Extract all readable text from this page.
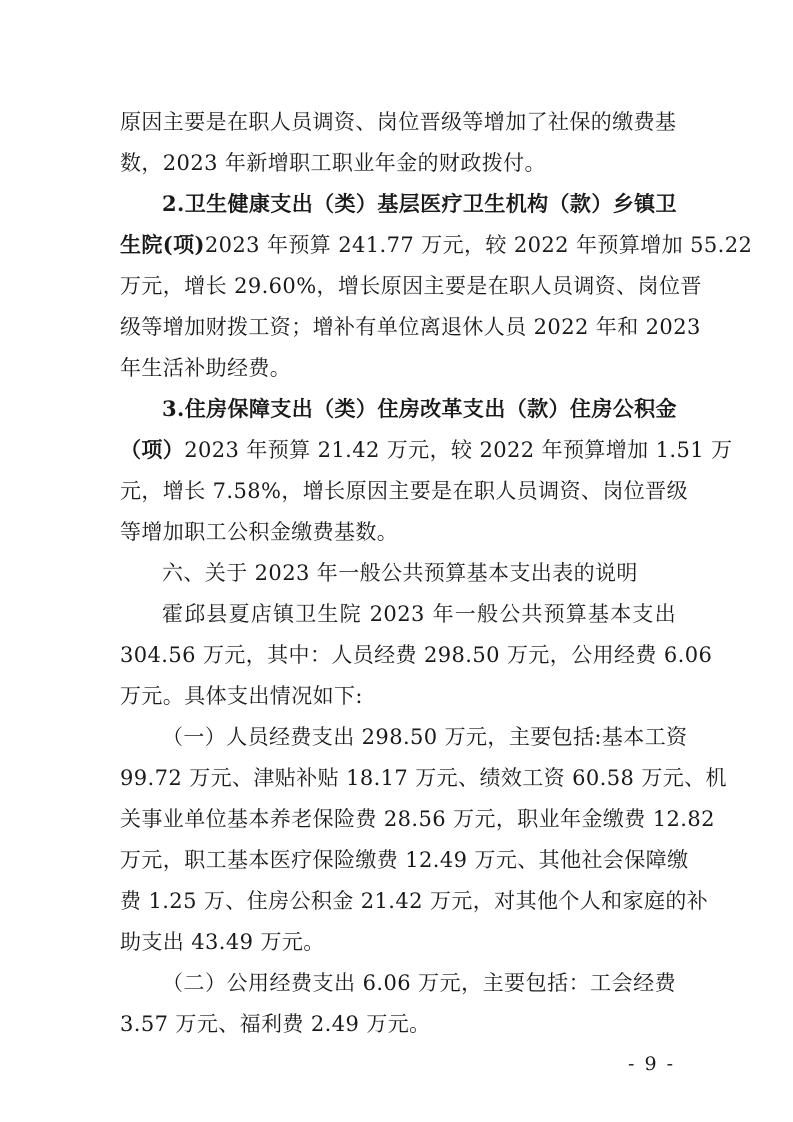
原因主要是在职人员调资、岗位晋级等增加了社保的缴费基
数，2023 年新增职工职业年金的财政拨付。
2.卫生健康支出（类）基层医疗卫生机构（款）乡镇卫
生院(项)2023 年预算 241.77 万元，较 2022 年预算增加 55.22
万元，增长 29.60%，增长原因主要是在职人员调资、岗位晋
级等增加财拨工资；增补有单位离退休人员 2022 年和 2023
年生活补助经费。
3.住房保障支出（类）住房改革支出（款）住房公积金
（项）2023 年预算 21.42 万元，较 2022 年预算增加 1.51 万
元，增长 7.58%，增长原因主要是在职人员调资、岗位晋级
等增加职工公积金缴费基数。
六、关于 2023 年一般公共预算基本支出表的说明
霍邱县夏店镇卫生院 2023 年一般公共预算基本支出
304.56 万元，其中：人员经费 298.50 万元，公用经费 6.06
万元。具体支出情况如下:
（一）人员经费支出 298.50 万元，主要包括:基本工资
99.72 万元、津贴补贴 18.17 万元、绩效工资 60.58 万元、机
关事业单位基本养老保险费 28.56 万元，职业年金缴费 12.82
万元，职工基本医疗保险缴费 12.49 万元、其他社会保障缴
费 1.25 万、住房公积金 21.42 万元，对其他个人和家庭的补
助支出 43.49 万元。
（二）公用经费支出 6.06 万元，主要包括：工会经费
3.57 万元、福利费 2.49 万元。
- 9 -
